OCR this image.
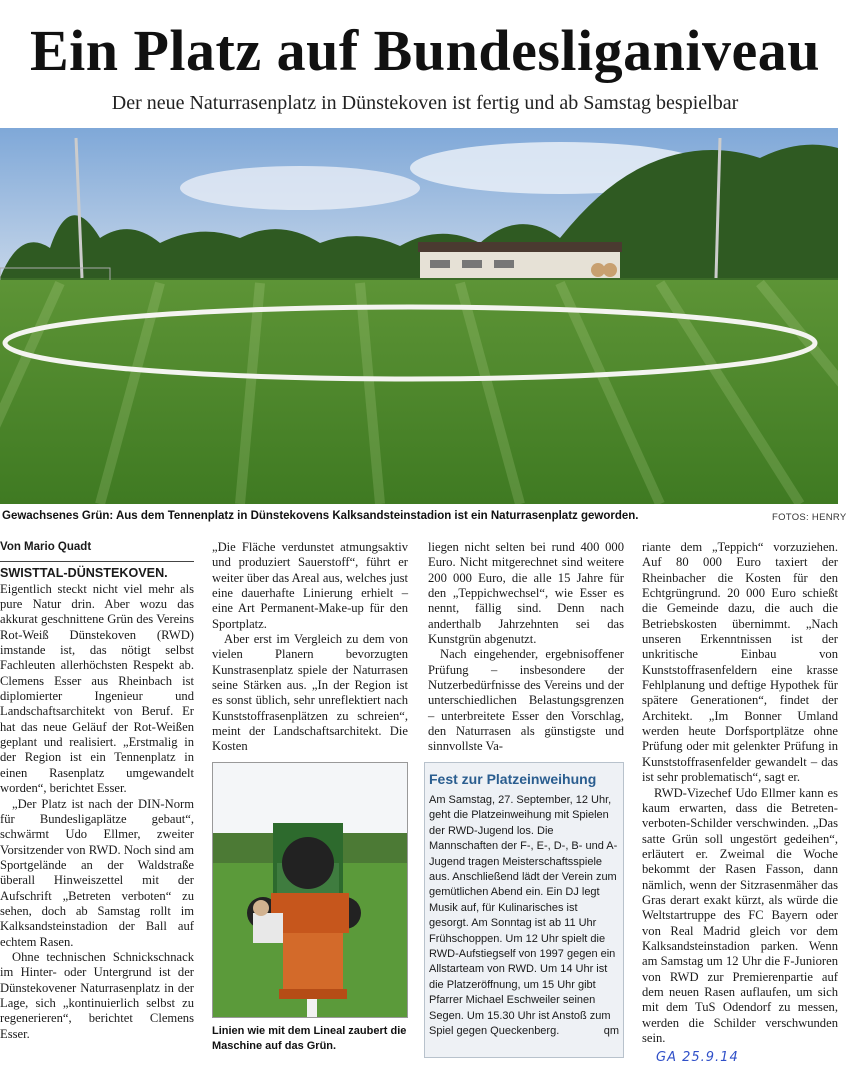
Ein Platz auf Bundesliganiveau
Der neue Naturrasenplatz in Dünstekoven ist fertig und ab Samstag bespielbar
Gewachsenes Grün: Aus dem Tennenplatz in Dünstekovens Kalksandsteinstadion ist ein Naturrasenplatz geworden.	FOTOS: HENRY
Von Mario Quadt

SWISTTAL-DÜNSTEKOVEN. Eigentlich steckt nicht viel mehr als pure Natur drin. Aber wozu das akkurat geschnittene Grün des Vereins Rot-Weiß Dünstekoven (RWD) imstande ist, das nötigt selbst Fachleuten allerhöchsten Respekt ab. Clemens Esser aus Rheinbach ist diplomierter Ingenieur und Landschaftsarchitekt von Beruf. Er hat das neue Geläuf der Rot-Weißen geplant und realisiert. „Erstmalig in der Region ist ein Tennenplatz in einen Rasenplatz umgewandelt worden“, berichtet Esser.

„Der Platz ist nach der DIN-Norm für Bundesligaplätze gebaut“, schwärmt Udo Ellmer, zweiter Vorsitzender von RWD. Noch sind am Sportgelände an der Waldstraße überall Hinweiszettel mit der Aufschrift „Betreten verboten“ zu sehen, doch ab Samstag rollt im Kalksandsteinstadion der Ball auf echtem Rasen.

Ohne technischen Schnickschnack im Hinter- oder Untergrund ist der Dünstekovener Naturrasenplatz in der Lage, sich „kontinuierlich selbst zu regenerieren“, berichtet Clemens Esser.

„Die Fläche verdunstet atmungsaktiv und produziert Sauerstoff“, führt er weiter über das Areal aus, welches just eine dauerhafte Linierung erhielt – eine Art Permanent-Make-up für den Sportplatz.

Aber erst im Vergleich zu dem von vielen Planern bevorzugten Kunstrasenplatz spiele der Naturrasen seine Stärken aus. „In der Region ist es sonst üblich, sehr unreflektiert nach Kunststoffrasenplätzen zu schreien“, meint der Landschaftsarchitekt. Die Kosten

Linien wie mit dem Lineal zaubert die Maschine auf das Grün.

liegen nicht selten bei rund 400 000 Euro. Nicht mitgerechnet sind weitere 200 000 Euro, die alle 15 Jahre für den „Teppichwechsel“, wie Esser es nennt, fällig sind. Denn nach anderthalb Jahrzehnten sei das Kunstgrün abgenutzt.

Nach eingehender, ergebnisoffener Prüfung – insbesondere der Nutzerbedürfnisse des Vereins und der unterschiedlichen Belastungsgrenzen – unterbreitete Esser den Vorschlag, den Naturrasen als günstigste und sinnvollste Va-

Fest zur Platzeinweihung
Am Samstag, 27. September, 12 Uhr, geht die Platzeinweihung mit Spielen der RWD-Jugend los. Die Mannschaften der F-, E-, D-, B- und A-Jugend tragen Meisterschaftsspiele aus. Anschließend lädt der Verein zum gemütlichen Abend ein. Ein DJ legt Musik auf, für Kulinarisches ist gesorgt. Am Sonntag ist ab 11 Uhr Frühschoppen. Um 12 Uhr spielt die RWD-Aufstiegself von 1997 gegen ein Allstarteam von RWD. Um 14 Uhr ist die Platzeröffnung, um 15 Uhr gibt Pfarrer Michael Eschweiler seinen Segen. Um 15.30 Uhr ist Anstoß zum Spiel gegen Queckenberg.	qm

riante dem „Teppich“ vorzuziehen. Auf 80 000 Euro taxiert der Rheinbacher die Kosten für den Echtgrüngrund. 20 000 Euro schießt die Gemeinde dazu, die auch die Betriebskosten übernimmt. „Nach unseren Erkenntnissen ist der unkritische Einbau von Kunststoffrasenfeldern eine krasse Fehlplanung und deftige Hypothek für spätere Generationen“, findet der Architekt. „Im Bonner Umland werden heute Dorfsportplätze ohne Prüfung oder mit gelenkter Prüfung in Kunststoffrasenfelder gewandelt – das ist sehr problematisch“, sagt er.

RWD-Vizechef Udo Ellmer kann es kaum erwarten, dass die Betreten-verboten-Schilder verschwinden. „Das satte Grün soll ungestört gedeihen“, erläutert er. Zweimal die Woche bekommt der Rasen Fasson, dann nämlich, wenn der Sitzrasenmäher das Gras derart exakt kürzt, als würde die Weltstartruppe des FC Bayern oder von Real Madrid gleich vor dem Kalksandsteinstadion parken. Wenn am Samstag um 12 Uhr die F-Junioren von RWD zur Premierenpartie auf dem neuen Rasen auflaufen, um sich mit dem TuS Odendorf zu messen, werden die Schilder verschwunden sein.

GA 25.9.14
